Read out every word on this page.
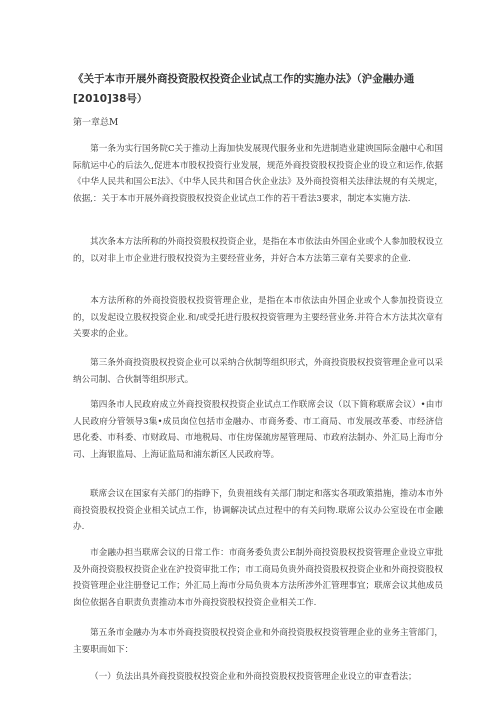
《关于本市开展外商投资股权投资企业试点工作的实施办法》（沪金融办通[2010]38号）

第一章总M

第一条为实行国务院C关于推动上海加快发展现代服务业和先进制造业建谀国际金融中心和国际航运中心的后法久,促进本市股权投资行业发展，规范外商投资股权投资企业的设立和运作,依据《中华人民共和国公E法》、《中华人民共和国合伙企业法》及外商投资相关法律法规的有关规定，依据,：关于本市开展外商投资股权投资企业试点工作的若干看法3要求，制定本实施方法.

其次条本方法所称的外商投资股权投资企业，是指在本市依法由外国企业或个人参加股权设立的，以对非上市企业进行股权投资为主要经营业务，并好合本方法第三章有关要求的企业.

本方法所称的外商投资股权投资管理企业，是指在本市依法由外国企业或个人参加投资设立的，以发起设立股权投资企业.和/或受托进行股权投资管理为主要经营业务.并符合木方法其次章有关要求的企业。

第三条外商投资股权投资企业可以采纳合伙制等组织形式，外商投资股权投资管理企业可以采纳公司制、合伙制等组织形式。

第四条市人民政府成立外商投资股权投资企业试点工作联席会议（以下简称联席会议）•由市人民政府分管领导3集•成员囱位包括市金融办、市商务委、市工商局、市发展改革委、市经济信思化委、市科委、市财政局、市地税局、市住房保巯房屋管理局、市政府法制办、外汇局上海市分司、上海银监局、上海证监局和浦东新区人民政府等。

联席会议在国家有关部门的指睁下，负贵祖线有关部门制定和落实各项政策措施，推动本市外商投资股权投资企业相关试点工作，协调解决试点过程中的有关问物.联席公议办公室设在市金融办.

市金融办担当联席会议的日常工作：市商务委负责公E制外商投资股权投资管理企业设立审批及外商投资股权投资企业在沪投资审批工作；市工商局负贵外商投资股权投资企业和外商投资股权投资管理企业注册登记工作；外汇局上海市分局负贵本方法所涉外汇管理事宜；联席会议其他成员囱位依据各自职责负责推动本市外商投资股权投资企业相关工作.

第五条市金融办为本市外商投资股权投资企业和外商投资股权投资管理企业的业务主管部门，主要职而如下：

（一）负法出具外商投资股权投资企业和外商投资股权投资管理企业设立的审查看法；
